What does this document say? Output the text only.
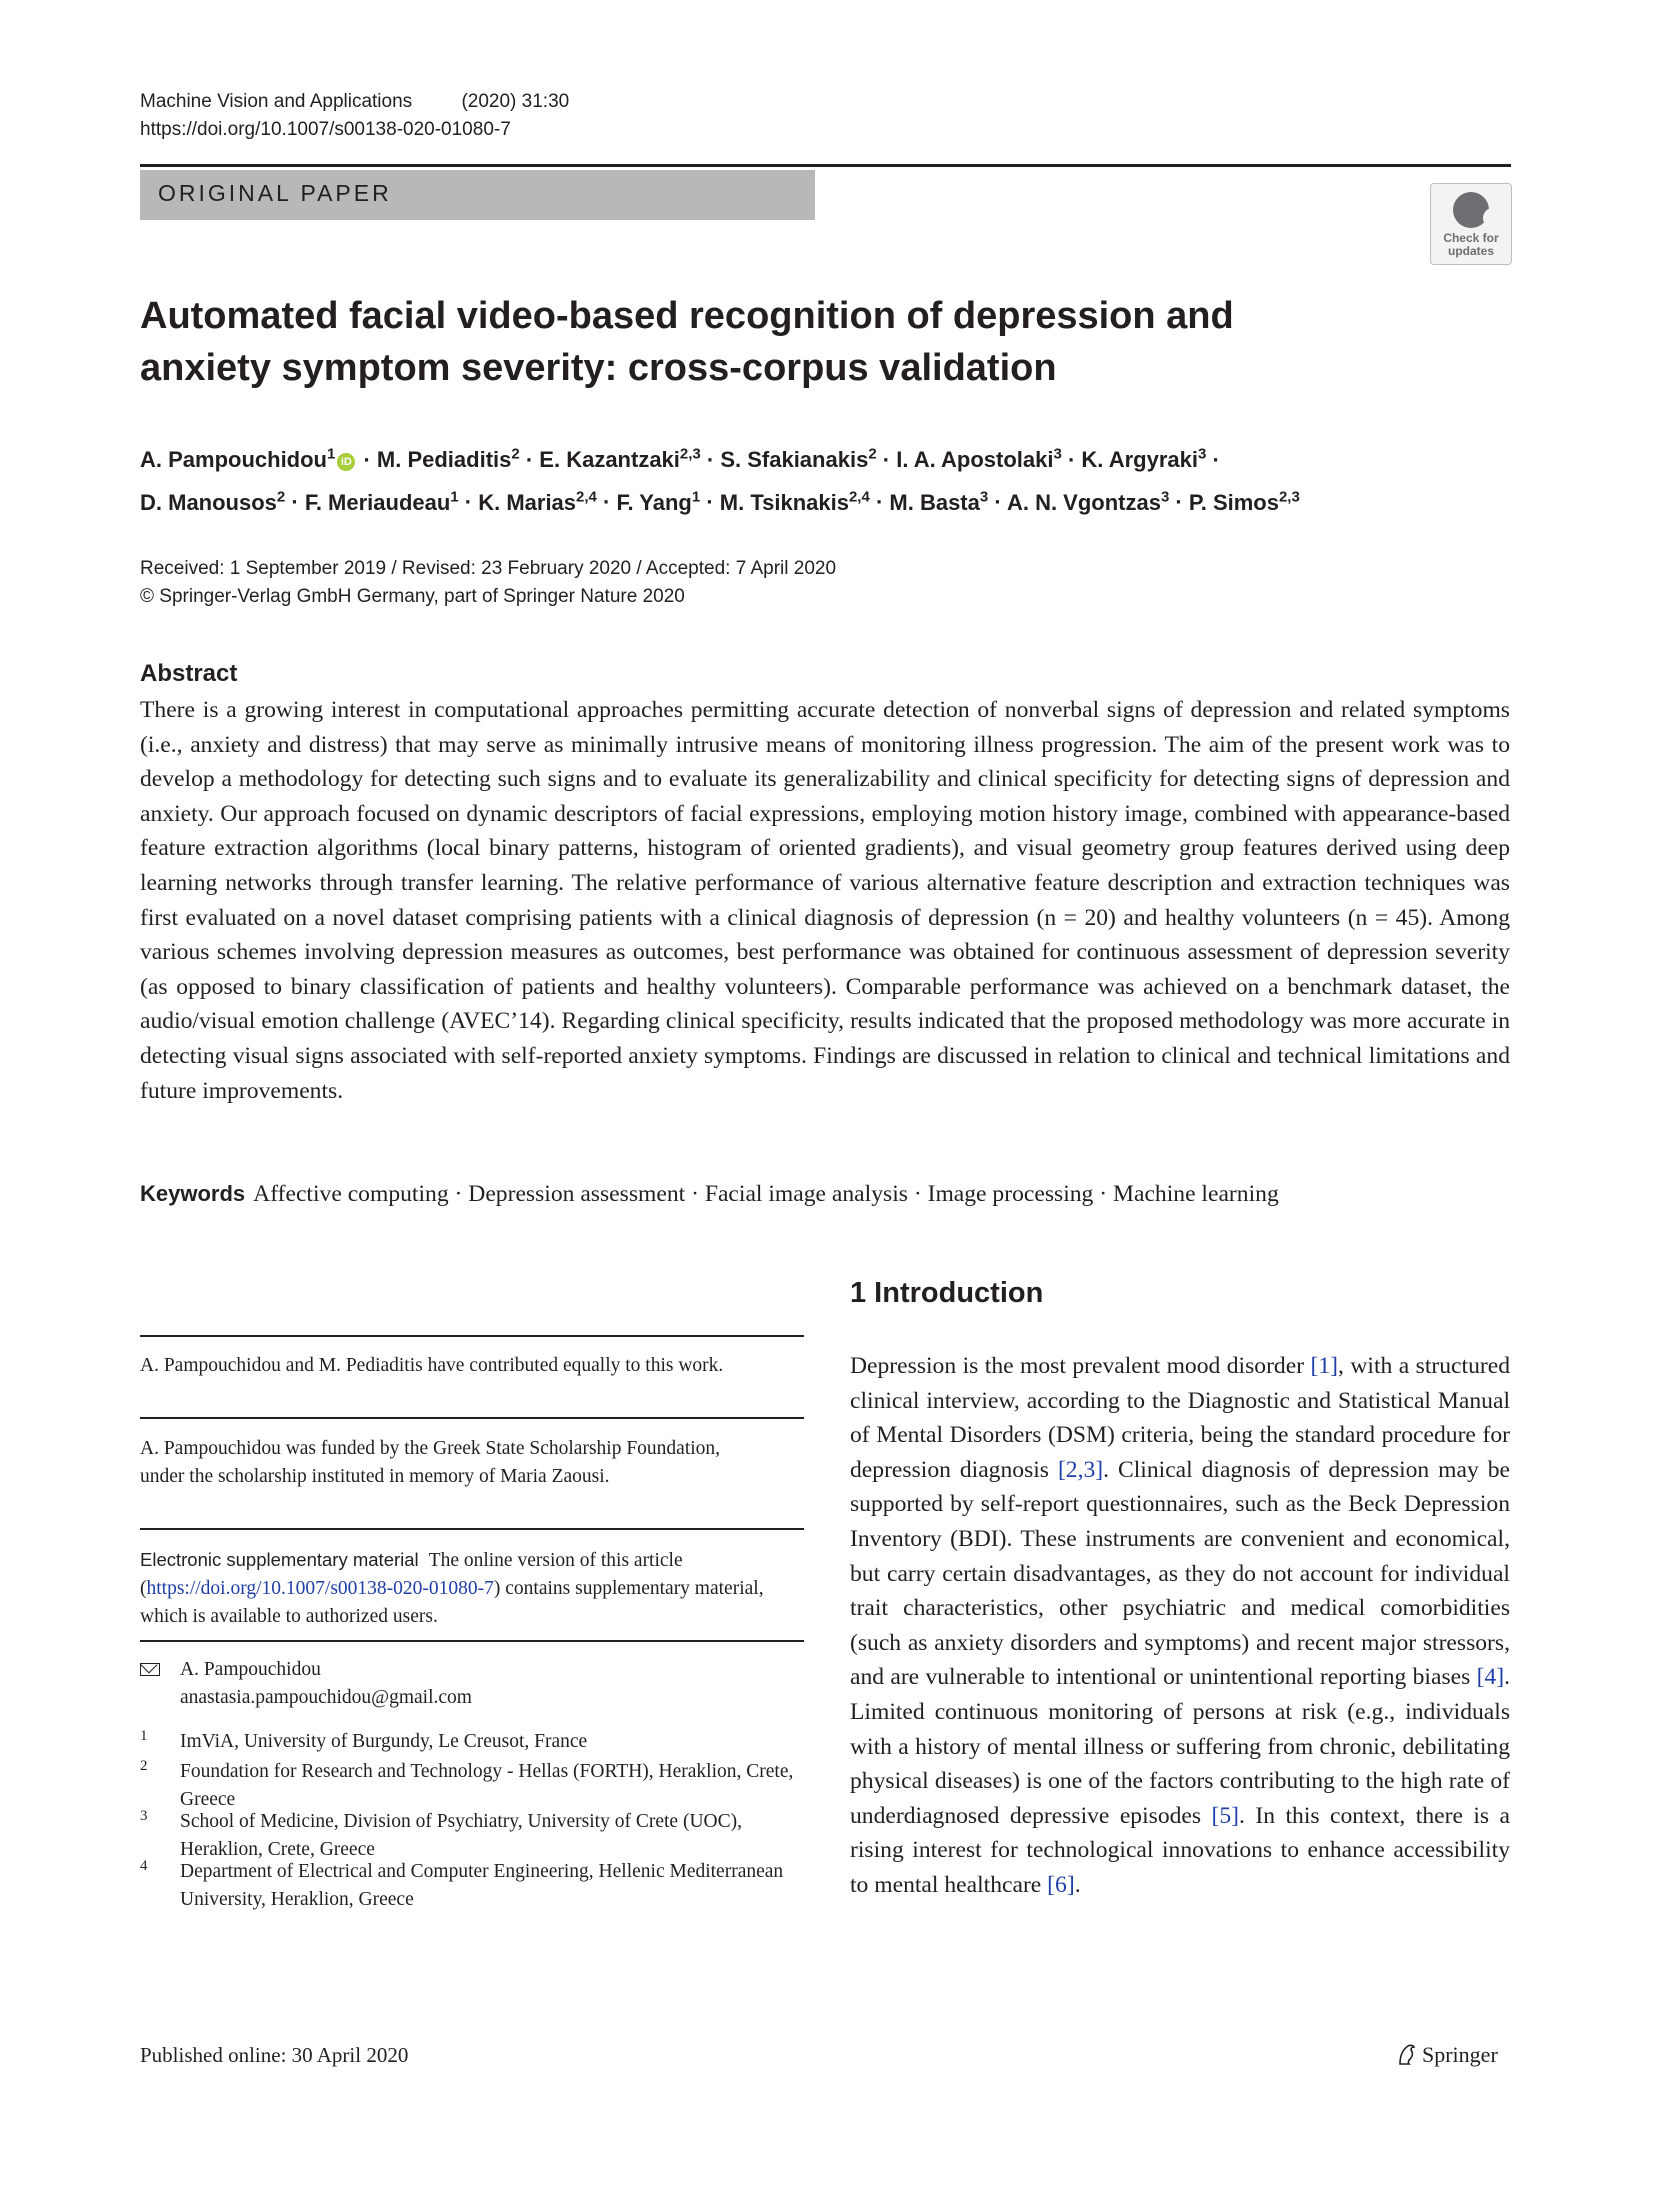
Machine Vision and Applications	(2020) 31:30
https://doi.org/10.1007/s00138-020-01080-7
ORIGINAL PAPER
Check for
updates
Automated facial video-based recognition of depression and
anxiety symptom severity: cross-corpus validation
A. Pampouchidou$^1$ iD · M. Pediaditis$^2$ · E. Kazantzaki$^{2,3}$ · S. Sfakianakis$^2$ · I. A. Apostolaki$^3$ · K. Argyraki$^3$ ·
D. Manousos$^2$ · F. Meriaudeau$^1$ · K. Marias$^{2,4}$ · F. Yang$^1$ · M. Tsiknakis$^{2,4}$ · M. Basta$^3$ · A. N. Vgontzas$^3$ · P. Simos$^{2,3}$
Received: 1 September 2019 / Revised: 23 February 2020 / Accepted: 7 April 2020
© Springer-Verlag GmbH Germany, part of Springer Nature 2020
Abstract
There is a growing interest in computational approaches permitting accurate detection of nonverbal signs of depression and related symptoms (i.e., anxiety and distress) that may serve as minimally intrusive means of monitoring illness progression. The aim of the present work was to develop a methodology for detecting such signs and to evaluate its generalizability and clinical specificity for detecting signs of depression and anxiety. Our approach focused on dynamic descriptors of facial expressions, employing motion history image, combined with appearance-based feature extraction algorithms (local binary patterns, histogram of oriented gradients), and visual geometry group features derived using deep learning networks through transfer learning. The relative performance of various alternative feature description and extraction techniques was first evaluated on a novel dataset comprising patients with a clinical diagnosis of depression (n = 20) and healthy volunteers (n = 45). Among various schemes involving depression measures as outcomes, best performance was obtained for continuous assessment of depression severity (as opposed to binary classification of patients and healthy volunteers). Comparable performance was achieved on a benchmark dataset, the audio/visual emotion challenge (AVEC’14). Regarding clinical specificity, results indicated that the proposed methodology was more accurate in detecting visual signs associated with self-reported anxiety symptoms. Findings are discussed in relation to clinical and technical limitations and future improvements.
Keywords Affective computing · Depression assessment · Facial image analysis · Image processing · Machine learning
1 Introduction
Depression is the most prevalent mood disorder [1], with a structured clinical interview, according to the Diagnostic and Statistical Manual of Mental Disorders (DSM) criteria, being the standard procedure for depression diagnosis [2,3]. Clinical diagnosis of depression may be supported by self-report questionnaires, such as the Beck Depression Inventory (BDI). These instruments are convenient and economical, but carry certain disadvantages, as they do not account for individual trait characteristics, other psychiatric and medical comorbidities (such as anxiety disorders and symptoms) and recent major stressors, and are vulnerable to intentional or unintentional reporting biases [4]. Limited continuous monitoring of persons at risk (e.g., individuals with a history of mental illness or suffering from chronic, debilitating physical diseases) is one of the factors contributing to the high rate of underdiagnosed depressive episodes [5]. In this context, there is a rising interest for technological innovations to enhance accessibility to mental healthcare [6].
A. Pampouchidou and M. Pediaditis have contributed equally to this work.
A. Pampouchidou was funded by the Greek State Scholarship Foundation, under the scholarship instituted in memory of Maria Zaousi.
Electronic supplementary material The online version of this article (https://doi.org/10.1007/s00138-020-01080-7) contains supplementary material, which is available to authorized users.
A. Pampouchidou
anastasia.pampouchidou@gmail.com
1 ImViA, University of Burgundy, Le Creusot, France
2 Foundation for Research and Technology - Hellas (FORTH), Heraklion, Crete, Greece
3 School of Medicine, Division of Psychiatry, University of Crete (UOC), Heraklion, Crete, Greece
4 Department of Electrical and Computer Engineering, Hellenic Mediterranean University, Heraklion, Greece
Published online: 30 April 2020	Springer
